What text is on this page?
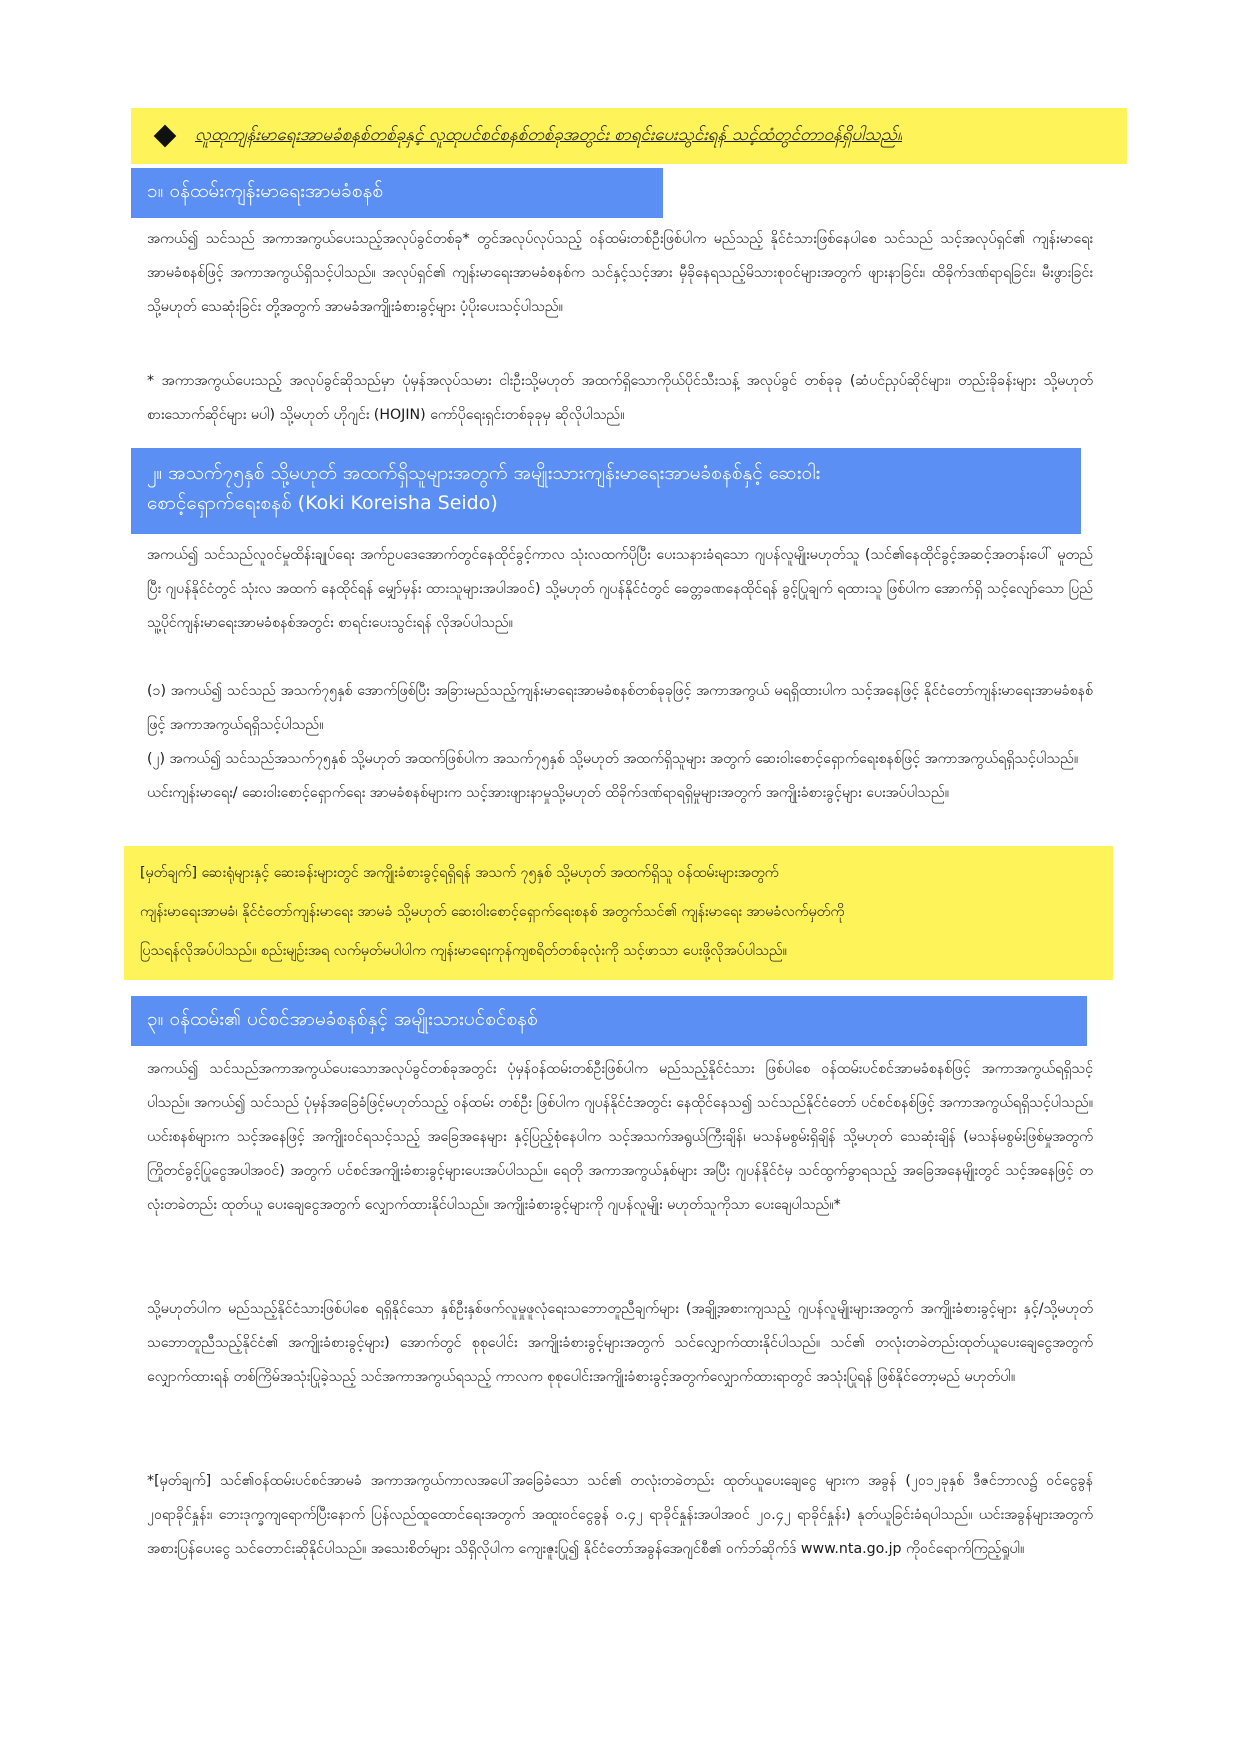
လူထုကျန်းမာရေးအာမခံစနစ်တစ်ခုနှင့် လူထုပင်စင်စနစ်တစ်ခုအတွင်း စာရင်းပေးသွင်းရန် သင့်ထံတွင်တာဝန်ရှိပါသည်။
၁။ ဝန်ထမ်းကျန်းမာရေးအာမခံစနစ်

အကယ်၍ သင်သည် အကာအကွယ်ပေးသည့်အလုပ်ခွင်တစ်ခု* တွင်အလုပ်လုပ်သည့် ဝန်ထမ်းတစ်ဦးဖြစ်ပါက မည်သည့် နိုင်ငံသားဖြစ်နေပါစေ သင်သည် သင့်အလုပ်ရှင်၏ ကျန်းမာရေးအာမခံစနစ်ဖြင့် အကာအကွယ်ရှိသင့်ပါသည်။ အလုပ်ရှင်၏ ကျန်းမာရေးအာမခံစနစ်က သင်နှင့်သင့်အား မှီခိုနေရသည့်မိသားစုဝင်များအတွက် ဖျားနာခြင်း၊ ထိခိုက်ဒဏ်ရာရခြင်း၊ မီးဖွားခြင်း သို့မဟုတ် သေဆုံးခြင်း တို့အတွက် အာမခံအကျိုးခံစားခွင့်များ ပံ့ပိုးပေးသင့်ပါသည်။

* အကာအကွယ်ပေးသည့် အလုပ်ခွင်ဆိုသည်မှာ ပုံမှန်အလုပ်သမား ငါးဦးသို့မဟုတ် အထက်ရှိသောကိုယ်ပိုင်သီးသန့် အလုပ်ခွင် တစ်ခုခု (ဆံပင်ညှပ်ဆိုင်များ၊ တည်းခိုခန်းများ သို့မဟုတ် စားသောက်ဆိုင်များ မပါ) သို့မဟုတ် ဟိုဂျင်း (HOJIN) ကော်ပိုရေးရှင်းတစ်ခုခုမှ ဆိုလိုပါသည်။

၂။ အသက်၇၅နှစ် သို့မဟုတ် အထက်ရှိသူများအတွက် အမျိုးသားကျန်းမာရေးအာမခံစနစ်နှင့် ဆေးဝါး
စောင့်ရှောက်ရေးစနစ် (Koki Koreisha Seido)

အကယ်၍ သင်သည်လူဝင်မှုထိန်းချုပ်ရေး အက်ဥပဒေအောက်တွင်နေထိုင်ခွင့်ကာလ သုံးလထက်ပိုပြီး ပေးသနားခံရသော ဂျပန်လူမျိုးမဟုတ်သူ (သင်၏နေထိုင်ခွင့်အဆင့်အတန်းပေါ် မူတည်ပြီး ဂျပန်နိုင်ငံတွင် သုံးလ အထက် နေထိုင်ရန် မျှော်မှန်း ထားသူများအပါအဝင်) သို့မဟုတ် ဂျပန်နိုင်ငံတွင် ခေတ္တခဏနေထိုင်ရန် ခွင့်ပြုချက် ရထားသူ ဖြစ်ပါက အောက်ရှိ သင့်လျော်သော ပြည်သူ့ပိုင်ကျန်းမာရေးအာမခံစနစ်အတွင်း စာရင်းပေးသွင်းရန် လိုအပ်ပါသည်။

(၁) အကယ်၍ သင်သည် အသက်၇၅နှစ် အောက်ဖြစ်ပြီး အခြားမည်သည့်ကျန်းမာရေးအာမခံစနစ်တစ်ခုခုဖြင့် အကာအကွယ် မရရှိထားပါက သင့်အနေဖြင့် နိုင်ငံတော်ကျန်းမာရေးအာမခံစနစ်ဖြင့် အကာအကွယ်ရရှိသင့်ပါသည်။

(၂) အကယ်၍ သင်သည်အသက်၇၅နှစ် သို့မဟုတ် အထက်ဖြစ်ပါက အသက်၇၅နှစ် သို့မဟုတ် အထက်ရှိသူများ အတွက် ဆေးဝါးစောင့်ရှောက်ရေးစနစ်ဖြင့် အကာအကွယ်ရရှိသင့်ပါသည်။

ယင်းကျန်းမာရေး/ ဆေးဝါးစောင့်ရှောက်ရေး အာမခံစနစ်များက သင့်အားဖျားနာမှုသို့မဟုတ် ထိခိုက်ဒဏ်ရာရရှိမှုများအတွက် အကျိုးခံစားခွင့်များ ပေးအပ်ပါသည်။

[မှတ်ချက်] ဆေးရုံများနှင့် ဆေးခန်းများတွင် အကျိုးခံစားခွင့်ရရှိရန် အသက် ၇၅နှစ် သို့မဟုတ် အထက်ရှိသူ ဝန်ထမ်းများအတွက်

ကျန်းမာရေးအာမခံ၊ နိုင်ငံတော်ကျန်းမာရေး အာမခံ သို့မဟုတ် ဆေးဝါးစောင့်ရှောက်ရေးစနစ် အတွက်သင်၏ ကျန်းမာရေး အာမခံလက်မှတ်ကို

ပြသရန်လိုအပ်ပါသည်။ စည်းမျဉ်းအရ လက်မှတ်မပါပါက ကျန်းမာရေးကုန်ကျစရိတ်တစ်ခုလုံးကို သင့်ဖာသာ ပေးဖို့လိုအပ်ပါသည်။

၃။ ဝန်ထမ်း၏ ပင်စင်အာမခံစနစ်နှင့် အမျိုးသားပင်စင်စနစ်

အကယ်၍ သင်သည်အကာအကွယ်ပေးသောအလုပ်ခွင်တစ်ခုအတွင်း ပုံမှန်ဝန်ထမ်းတစ်ဦးဖြစ်ပါက မည်သည့်နိုင်ငံသား ဖြစ်ပါစေ ဝန်ထမ်းပင်စင်အာမခံစနစ်ဖြင့် အကာအကွယ်ရရှိသင့်ပါသည်။ အကယ်၍ သင်သည် ပုံမှန်အခြေခံဖြင့်မဟုတ်သည့် ဝန်ထမ်း တစ်ဦး ဖြစ်ပါက ဂျပန်နိုင်ငံအတွင်း နေထိုင်နေသ၍ သင်သည်နိုင်ငံတော် ပင်စင်စနစ်ဖြင့် အကာအကွယ်ရရှိသင့်ပါသည်။ ယင်းစနစ်များက သင့်အနေဖြင့် အကျိုးဝင်ရသင့်သည့် အခြေအနေများ နှင့်ပြည့်စုံနေပါက သင့်အသက်အရွယ်ကြီးချိန်၊ မသန်မစွမ်းရှိချိန် သို့မဟုတ် သေဆုံးချိန် (မသန်မစွမ်းဖြစ်မှုအတွက် ကြိုတင်ခွင့်ပြုငွေအပါအဝင်) အတွက် ပင်စင်အကျိုးခံစားခွင့်များပေးအပ်ပါသည်။ ရေတို အကာအကွယ်နှစ်များ အပြီး ဂျပန်နိုင်ငံမှ သင်ထွက်ခွာရသည့် အခြေအနေမျိုးတွင် သင့်အနေဖြင့် တလုံးတခဲတည်း ထုတ်ယူ ပေးချေငွေအတွက် လျှောက်ထားနိုင်ပါသည်။ အကျိုးခံစားခွင့်များကို ဂျပန်လူမျိုး မဟုတ်သူကိုသာ ပေးချေပါသည်။*

သို့မဟုတ်ပါက မည်သည့်နိုင်ငံသားဖြစ်ပါစေ ရရှိနိုင်သော နှစ်ဦးနှစ်ဖက်လူမှုဖူလုံရေးသဘောတူညီချက်များ (အချို့အစားကျသည့် ဂျပန်လူမျိုးများအတွက် အကျိုးခံစားခွင့်များ နှင့်/သို့မဟုတ် သဘောတူညီသည့်နိုင်ငံ၏ အကျိုးခံစားခွင့်များ) အောက်တွင် စုစုပေါင်း အကျိုးခံစားခွင့်များအတွက် သင်လျှောက်ထားနိုင်ပါသည်။ သင်၏ တလုံးတခဲတည်းထုတ်ယူပေးချေငွေအတွက် လျှောက်ထားရန် တစ်ကြိမ်အသုံးပြုခဲ့သည့် သင်အကာအကွယ်ရသည့် ကာလက စုစုပေါင်းအကျိုးခံစားခွင့်အတွက်လျှောက်ထားရာတွင် အသုံးပြုရန် ဖြစ်နိုင်တော့မည် မဟုတ်ပါ။

*[မှတ်ချက်] သင်၏ဝန်ထမ်းပင်စင်အာမခံ အကာအကွယ်ကာလအပေါ်အခြေခံသော သင်၏ တလုံးတခဲတည်း ထုတ်ယူပေးချေငွေ များက အခွန် (၂၀၁၂ခုနှစ် ဒီဇင်ဘာလ၌ ဝင်ငွေခွန် ၂၀ရာခိုင်နှုန်း၊ ဘေးဒုက္ခကျရောက်ပြီးနောက် ပြန်လည်ထူထောင်ရေးအတွက် အထူးဝင်ငွေခွန် ၀.၄၂ ရာခိုင်နှုန်းအပါအဝင် ၂၀.၄၂ ရာခိုင်နှုန်း) နုတ်ယူခြင်းခံရပါသည်။ ယင်းအခွန်များအတွက် အစားပြန်ပေးငွေ သင်တောင်းဆိုနိုင်ပါသည်။ အသေးစိတ်များ သိရှိလိုပါက ကျေးဇူးပြု၍ နိုင်ငံတော်အခွန်အေဂျင်စီ၏ ဝက်ဘ်ဆိုက်ဒ် www.nta.go.jp ကိုဝင်ရောက်ကြည့်ရှုပါ။
